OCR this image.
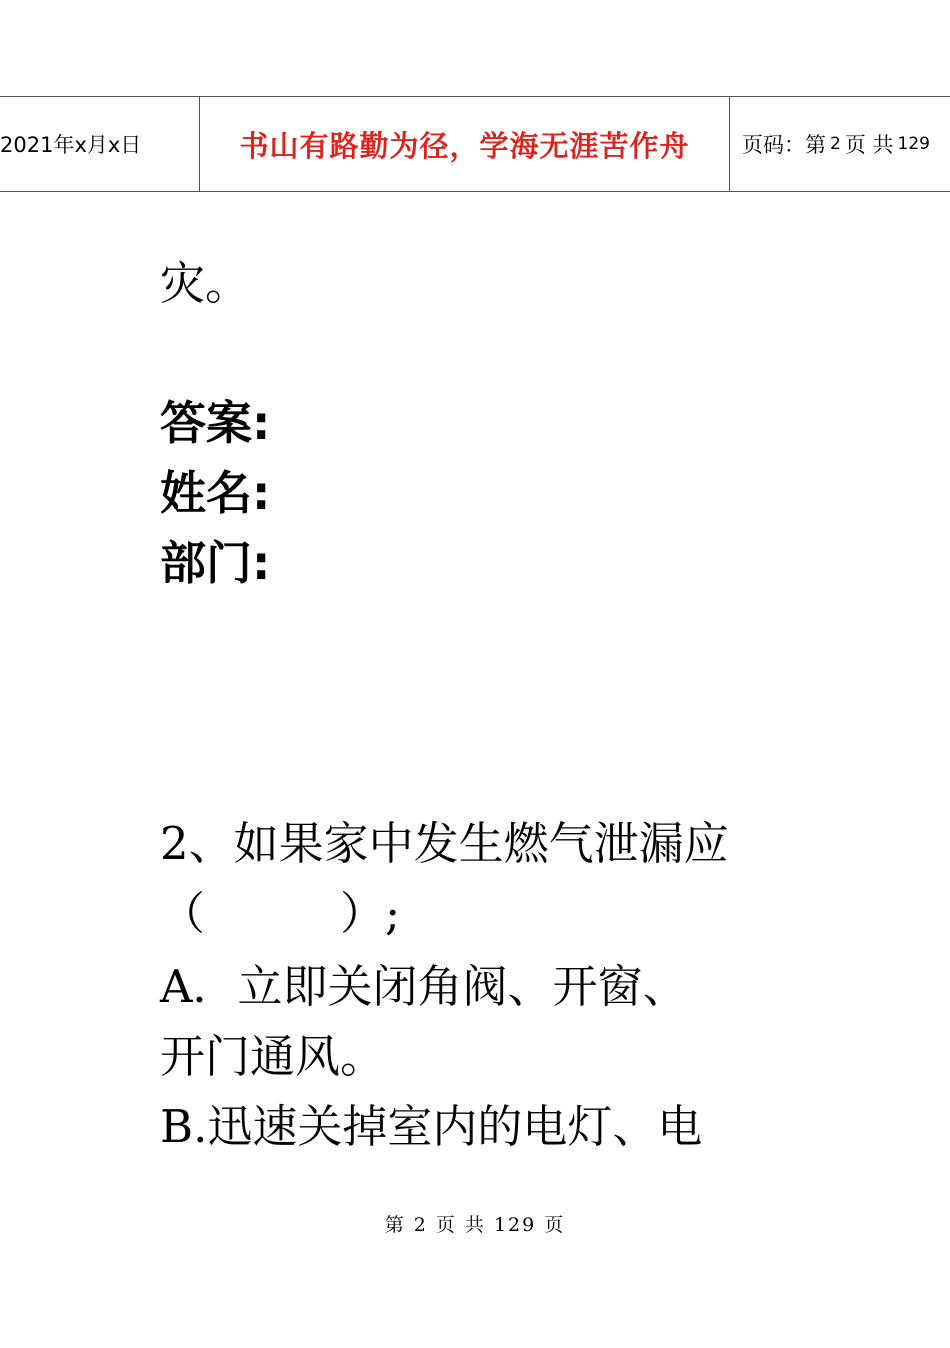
2021年x月x日	书山有路勤为径，学海无涯苦作舟	页码：第 2 页 共 129

灾。

答案:

姓名:

部门:

2、如果家中发生燃气泄漏应

（　　　）;

A．立即关闭角阀、开窗、

开门通风。

B.迅速关掉室内的电灯、电

第 2 页 共 129 页
